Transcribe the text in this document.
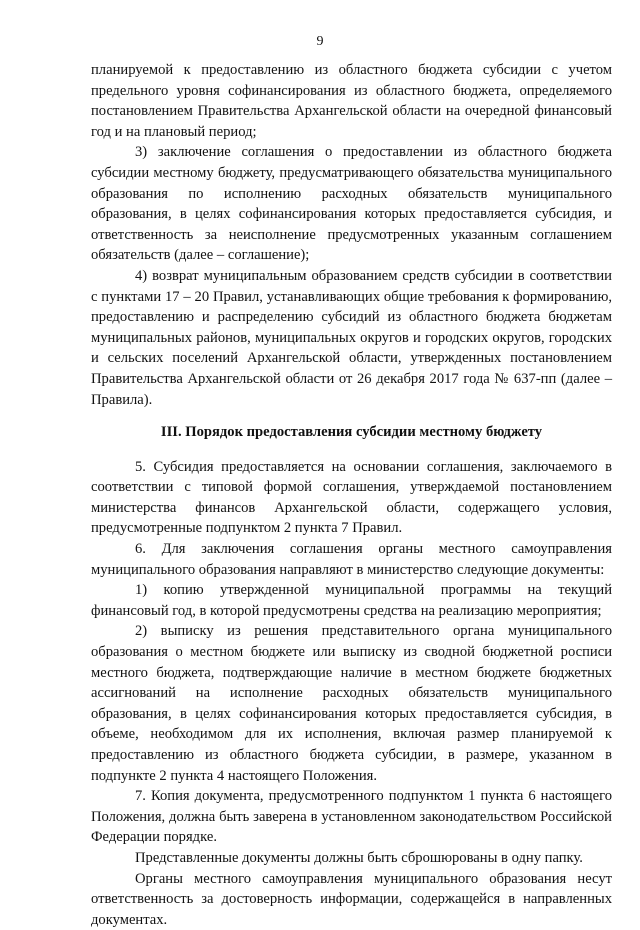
9

планируемой к предоставлению из областного бюджета субсидии с учетом предельного уровня софинансирования из областного бюджета, определяемого постановлением Правительства Архангельской области на очередной финансовый год и на плановый период;

3) заключение соглашения о предоставлении из областного бюджета субсидии местному бюджету, предусматривающего обязательства муниципального образования по исполнению расходных обязательств муниципального образования, в целях софинансирования которых предоставляется субсидия, и ответственность за неисполнение предусмотренных указанным соглашением обязательств (далее – соглашение);

4) возврат муниципальным образованием средств субсидии в соответствии с пунктами 17 – 20 Правил, устанавливающих общие требования к формированию, предоставлению и распределению субсидий из областного бюджета бюджетам муниципальных районов, муниципальных округов и городских округов, городских и сельских поселений Архангельской области, утвержденных постановлением Правительства Архангельской области от 26 декабря 2017 года № 637-пп (далее – Правила).

III. Порядок предоставления субсидии местному бюджету

5. Субсидия предоставляется на основании соглашения, заключаемого в соответствии с типовой формой соглашения, утверждаемой постановлением министерства финансов Архангельской области, содержащего условия, предусмотренные подпунктом 2 пункта 7 Правил.

6. Для заключения соглашения органы местного самоуправления муниципального образования направляют в министерство следующие документы:

1) копию утвержденной муниципальной программы на текущий финансовый год, в которой предусмотрены средства на реализацию мероприятия;

2) выписку из решения представительного органа муниципального образования о местном бюджете или выписку из сводной бюджетной росписи местного бюджета, подтверждающие наличие в местном бюджете бюджетных ассигнований на исполнение расходных обязательств муниципального образования, в целях софинансирования которых предоставляется субсидия, в объеме, необходимом для их исполнения, включая размер планируемой к предоставлению из областного бюджета субсидии, в размере, указанном в подпункте 2 пункта 4 настоящего Положения.

7. Копия документа, предусмотренного подпунктом 1 пункта 6 настоящего Положения, должна быть заверена в установленном законодательством Российской Федерации порядке.

Представленные документы должны быть сброшюрованы в одну папку.

Органы местного самоуправления муниципального образования несут ответственность за достоверность информации, содержащейся в направленных документах.
